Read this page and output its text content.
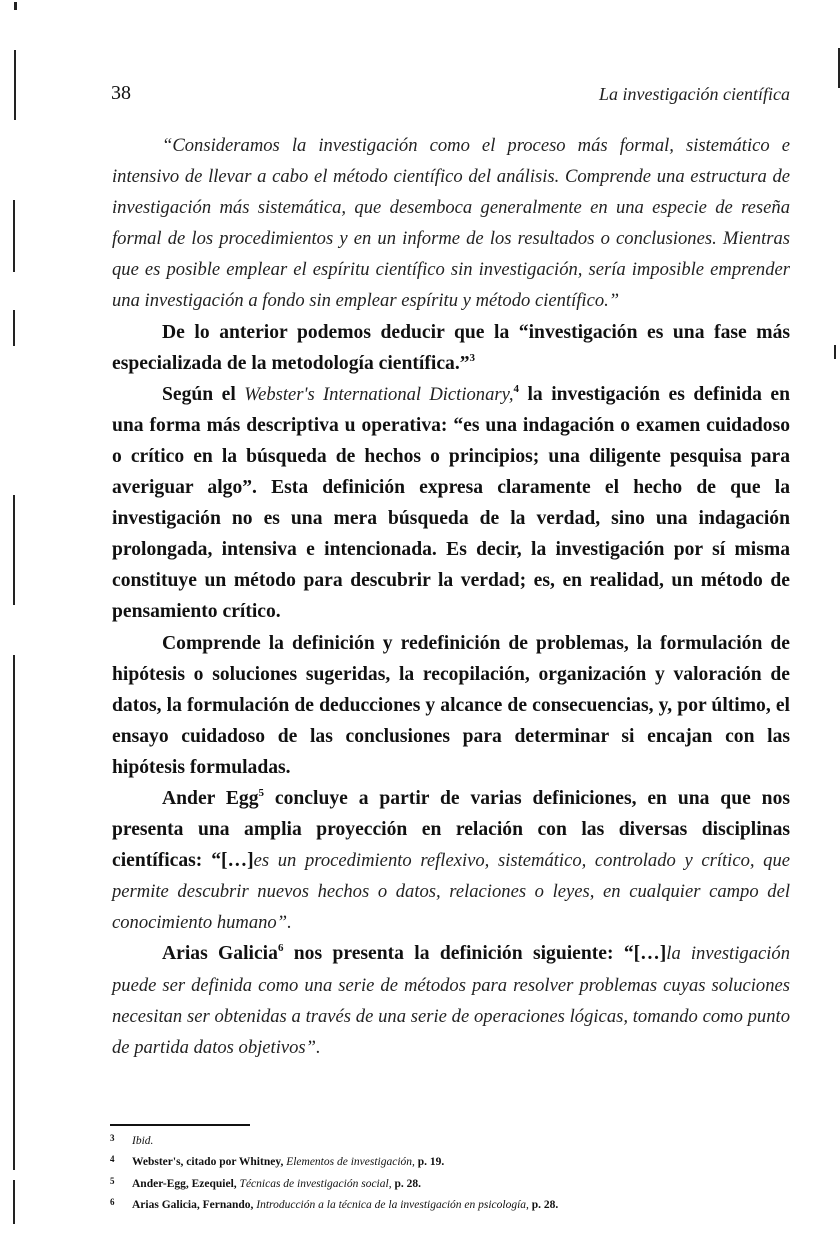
38	La investigación científica

“Consideramos la investigación como el proceso más formal, sistemático e intensivo de llevar a cabo el método científico del análisis. Comprende una estructura de investigación más sistemática, que desemboca generalmente en una especie de reseña formal de los procedimientos y en un informe de los resultados o conclusiones. Mientras que es posible emplear el espíritu científico sin investigación, sería imposible emprender una investigación a fondo sin emplear espíritu y método científico.”

De lo anterior podemos deducir que la “investigación es una fase más especializada de la metodología científica.”$^3$

Según el Webster's International Dictionary,$^4$ la investigación es definida en una forma más descriptiva u operativa: “es una indagación o examen cuidadoso o crítico en la búsqueda de hechos o principios; una diligente pesquisa para averiguar algo”. Esta definición expresa claramente el hecho de que la investigación no es una mera búsqueda de la verdad, sino una indagación prolongada, intensiva e intencionada. Es decir, la investigación por sí misma constituye un método para descubrir la verdad; es, en realidad, un método de pensamiento crítico.

Comprende la definición y redefinición de problemas, la formulación de hipótesis o soluciones sugeridas, la recopilación, organización y valoración de datos, la formulación de deducciones y alcance de consecuencias, y, por último, el ensayo cuidadoso de las conclusiones para determinar si encajan con las hipótesis formuladas.

Ander Egg$^5$ concluye a partir de varias definiciones, en una que nos presenta una amplia proyección en relación con las diversas disciplinas científicas: “[…]es un procedimiento reflexivo, sistemático, controlado y crítico, que permite descubrir nuevos hechos o datos, relaciones o leyes, en cualquier campo del conocimiento humano”.

Arias Galicia$^6$ nos presenta la definición siguiente: “[…]la investigación puede ser definida como una serie de métodos para resolver problemas cuyas soluciones necesitan ser obtenidas a través de una serie de operaciones lógicas, tomando como punto de partida datos objetivos”.

3 Ibid.
4 Webster's, citado por Whitney, Elementos de investigación, p. 19.
5 Ander-Egg, Ezequiel, Técnicas de investigación social, p. 28.
6 Arias Galicia, Fernando, Introducción a la técnica de la investigación en psicología, p. 28.
